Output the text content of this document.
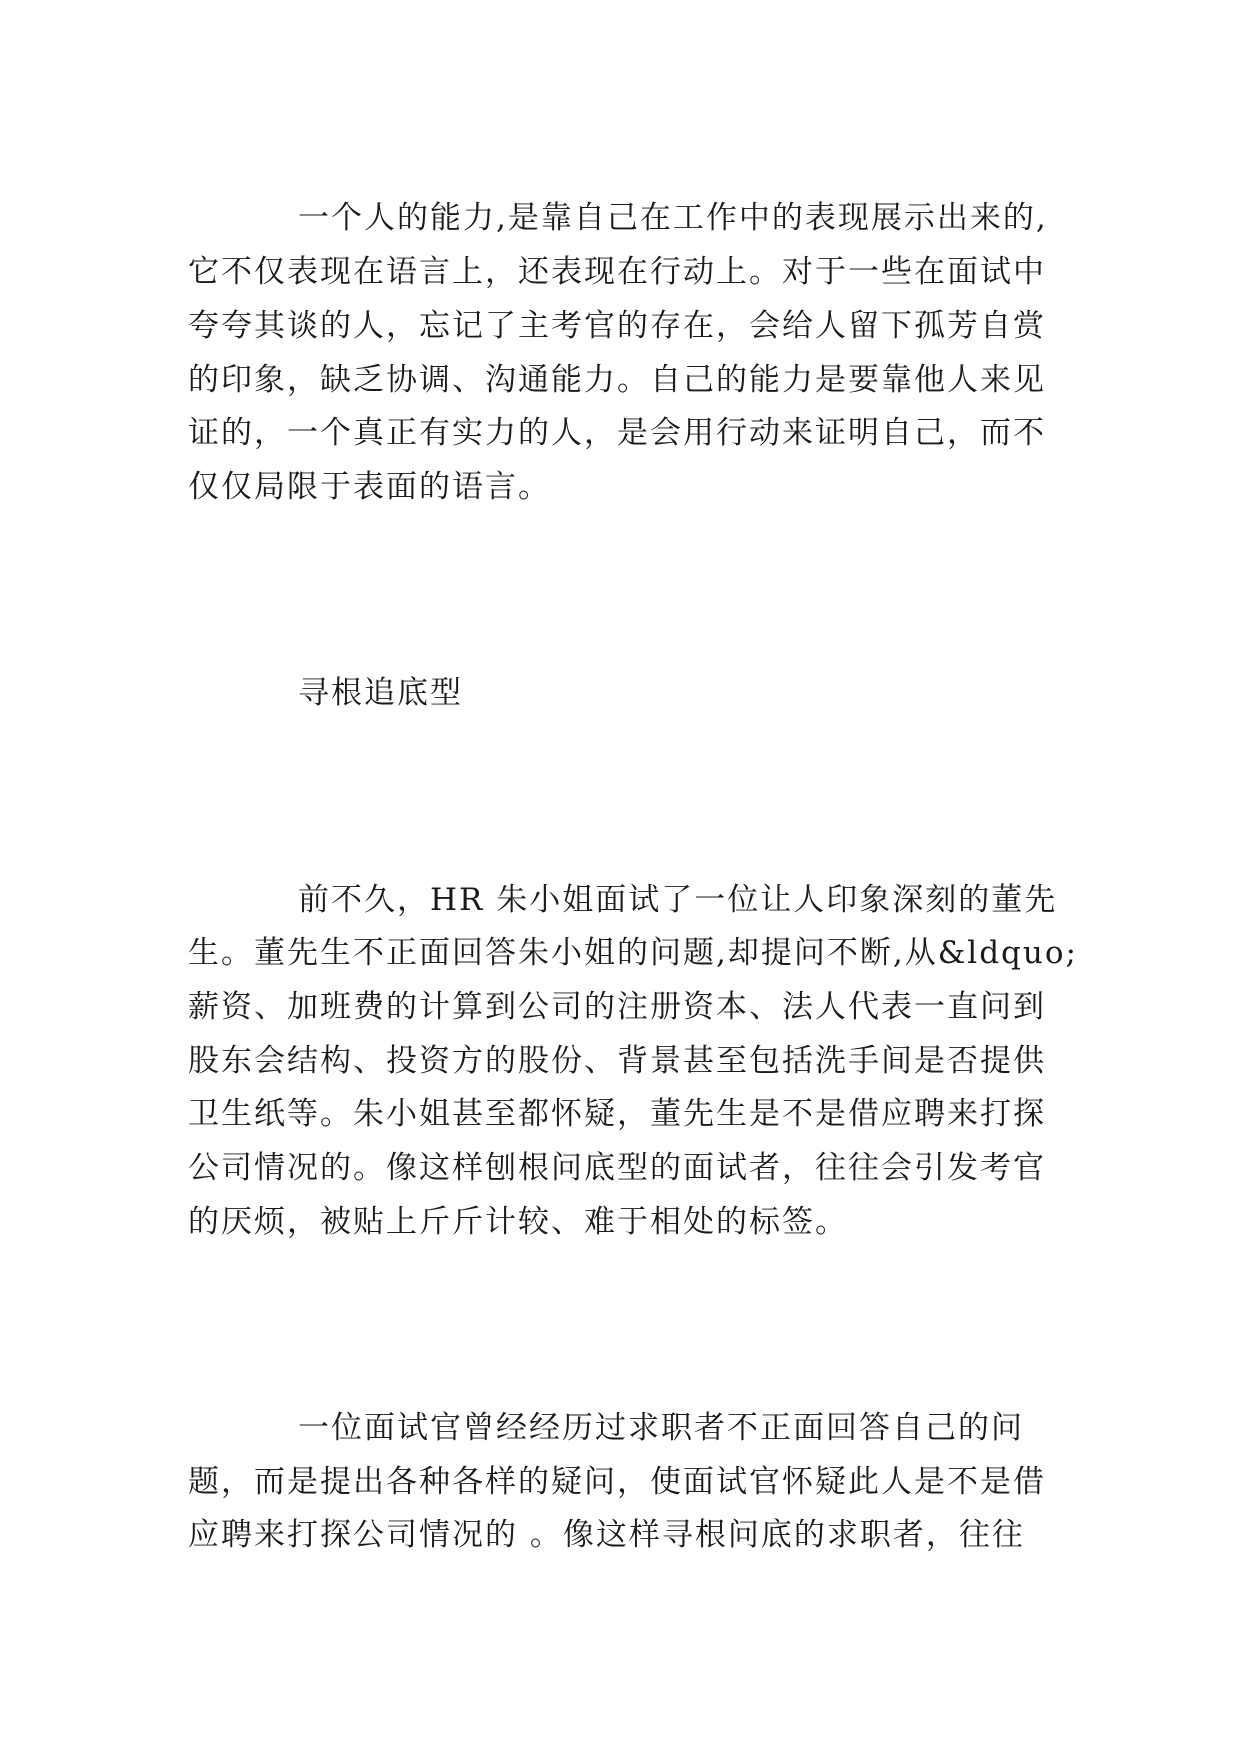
一个人的能力,是靠自己在工作中的表现展示出来的,
它不仅表现在语言上，还表现在行动上。对于一些在面试中
夸夸其谈的人，忘记了主考官的存在，会给人留下孤芳自赏
的印象，缺乏协调、沟通能力。自己的能力是要靠他人来见
证的，一个真正有实力的人，是会用行动来证明自己，而不
仅仅局限于表面的语言。
寻根追底型
前不久，HR 朱小姐面试了一位让人印象深刻的董先
生。董先生不正面回答朱小姐的问题,却提问不断,从&ldquo;
薪资、加班费的计算到公司的注册资本、法人代表一直问到
股东会结构、投资方的股份、背景甚至包括洗手间是否提供
卫生纸等。朱小姐甚至都怀疑，董先生是不是借应聘来打探
公司情况的。像这样刨根问底型的面试者，往往会引发考官
的厌烦，被贴上斤斤计较、难于相处的标签。
一位面试官曾经经历过求职者不正面回答自己的问
题，而是提出各种各样的疑问，使面试官怀疑此人是不是借
应聘来打探公司情况的 。像这样寻根问底的求职者，往往
